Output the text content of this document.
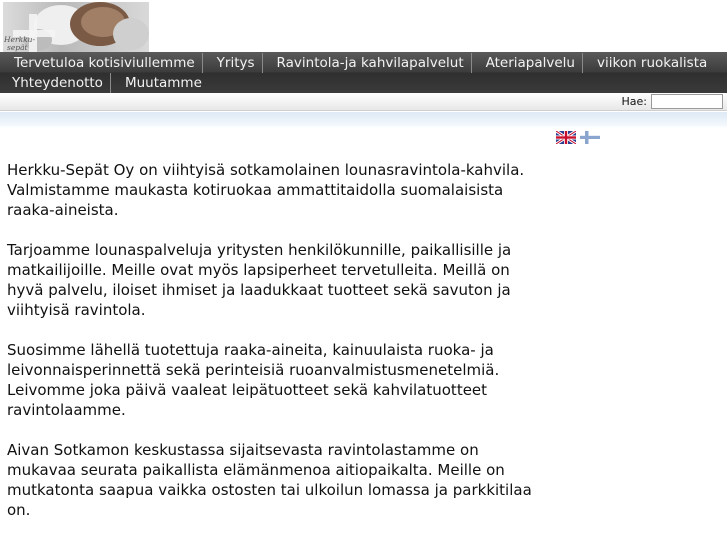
Herkku-
sepät
Tervetuloa kotisiviullemme	Yritys	Ravintola-ja kahvilapalvelut	Ateriapalvelu	viikon ruokalista
Yhteydenotto	Muutamme
Hae:

Herkku-Sepät Oy on viihtyisä sotkamolainen lounasravintola-kahvila. Valmistamme maukasta kotiruokaa ammattitaidolla suomalaisista raaka-aineista.

Tarjoamme lounaspalveluja yritysten henkilökunnille, paikallisille ja matkailijoille. Meille ovat myös lapsiperheet tervetulleita. Meillä on hyvä palvelu, iloiset ihmiset ja laadukkaat tuotteet sekä savuton ja viihtyisä ravintola.

Suosimme lähellä tuotettuja raaka-aineita, kainuulaista ruoka- ja leivonnaisperinnettä sekä perinteisiä ruoanvalmistusmenetelmiä. Leivomme joka päivä vaaleat leipätuotteet sekä kahvilatuotteet ravintolaamme.

Aivan Sotkamon keskustassa sijaitsevasta ravintolastamme on mukavaa seurata paikallista elämänmenoa aitiopaikalta. Meille on mutkatonta saapua vaikka ostosten tai ulkoilun lomassa ja parkkitilaa on.
